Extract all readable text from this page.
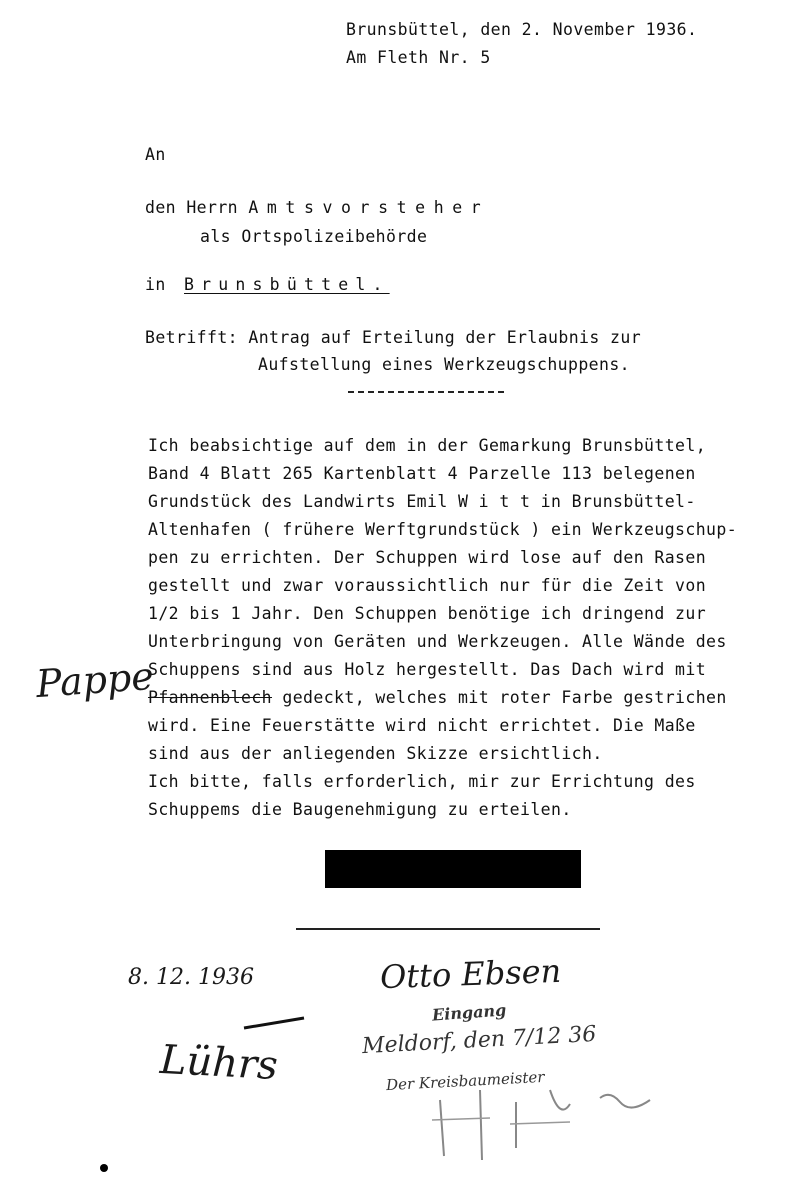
Brunsbüttel, den 2. November 1936.
Am Fleth Nr. 5
An
den Herrn Amtsvorsteher
als Ortspolizeibehörde
in Brunsbüttel.
Betrifft: Antrag auf Erteilung der Erlaubnis zur
Aufstellung eines Werkzeugschuppens.
Ich beabsichtige auf dem in der Gemarkung Brunsbüttel,
Band 4 Blatt 265 Kartenblatt 4 Parzelle 113 belegenen
Grundstück des Landwirts Emil W i t t in Brunsbüttel-
Altenhafen ( frühere Werftgrundstück ) ein Werkzeugschup-
pen zu errichten. Der Schuppen wird lose auf den Rasen
gestellt und zwar voraussichtlich nur für die Zeit von
1/2 bis 1 Jahr. Den Schuppen benötige ich dringend zur
Unterbringung von Geräten und Werkzeugen. Alle Wände des
Schuppens sind aus Holz hergestellt. Das Dach wird mit
Pfannenblech gedeckt, welches mit roter Farbe gestrichen
wird. Eine Feuerstätte wird nicht errichtet. Die Maße
sind aus der anliegenden Skizze ersichtlich.
Ich bitte, falls erforderlich, mir zur Errichtung des
Schuppems die Baugenehmigung zu erteilen.
Pappe
8. 12. 1936	Otto Ebsen
Lührs
Eingang
Meldorf, den 7/12 36
Der Kreisbaumeister
